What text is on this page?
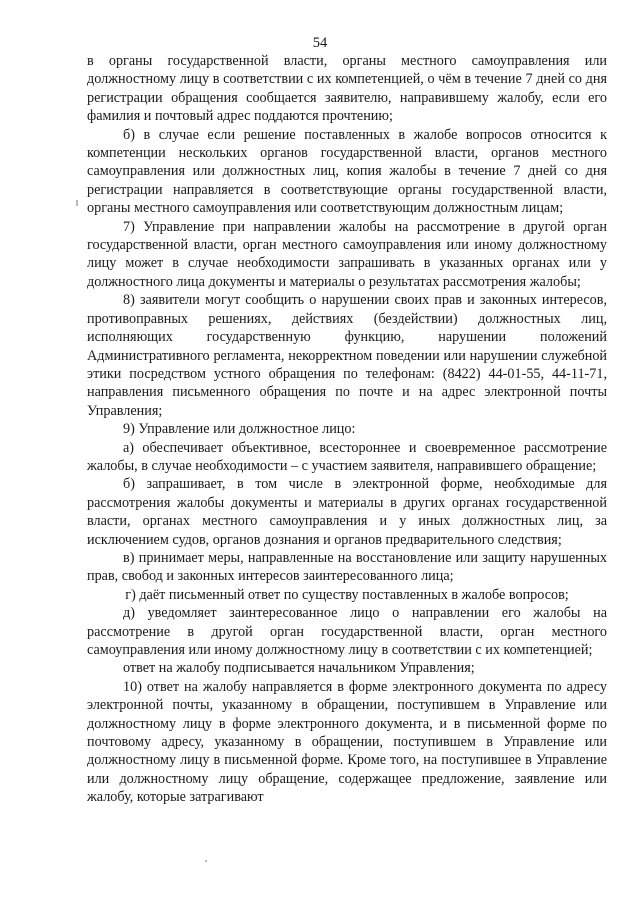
54

в органы государственной власти, органы местного самоуправления или должностному лицу в соответствии с их компетенцией, о чём в течение 7 дней со дня регистрации обращения сообщается заявителю, направившему жалобу, если его фамилия и почтовый адрес поддаются прочтению;

б) в случае если решение поставленных в жалобе вопросов относится к компетенции нескольких органов государственной власти, органов местного самоуправления или должностных лиц, копия жалобы в течение 7 дней со дня регистрации направляется в соответствующие органы государственной власти, органы местного самоуправления или соответствующим должностным лицам;

7) Управление при направлении жалобы на рассмотрение в другой орган государственной власти, орган местного самоуправления или иному должностному лицу может в случае необходимости запрашивать в указанных органах или у должностного лица документы и материалы о результатах рассмотрения жалобы;

8) заявители могут сообщить о нарушении своих прав и законных интересов, противоправных решениях, действиях (бездействии) должностных лиц, исполняющих государственную функцию, нарушении положений Административного регламента, некорректном поведении или нарушении служебной этики посредством устного обращения по телефонам: (8422) 44-01-55, 44-11-71, направления письменного обращения по почте и на адрес электронной почты Управления;

9) Управление или должностное лицо:

а) обеспечивает объективное, всестороннее и своевременное рассмотрение жалобы, в случае необходимости – с участием заявителя, направившего обращение;

б) запрашивает, в том числе в электронной форме, необходимые для рассмотрения жалобы документы и материалы в других органах государственной власти, органах местного самоуправления и у иных должностных лиц, за исключением судов, органов дознания и органов предварительного следствия;

в) принимает меры, направленные на восстановление или защиту нарушенных прав, свобод и законных интересов заинтересованного лица;

г) даёт письменный ответ по существу поставленных в жалобе вопросов;

д) уведомляет заинтересованное лицо о направлении его жалобы на рассмотрение в другой орган государственной власти, орган местного самоуправления или иному должностному лицу в соответствии с их компетенцией;

ответ на жалобу подписывается начальником Управления;

10) ответ на жалобу направляется в форме электронного документа по адресу электронной почты, указанному в обращении, поступившем в Управление или должностному лицу в форме электронного документа, и в письменной форме по почтовому адресу, указанному в обращении, поступившем в Управление или должностному лицу в письменной форме. Кроме того, на поступившее в Управление или должностному лицу обращение, содержащее предложение, заявление или жалобу, которые затрагивают
